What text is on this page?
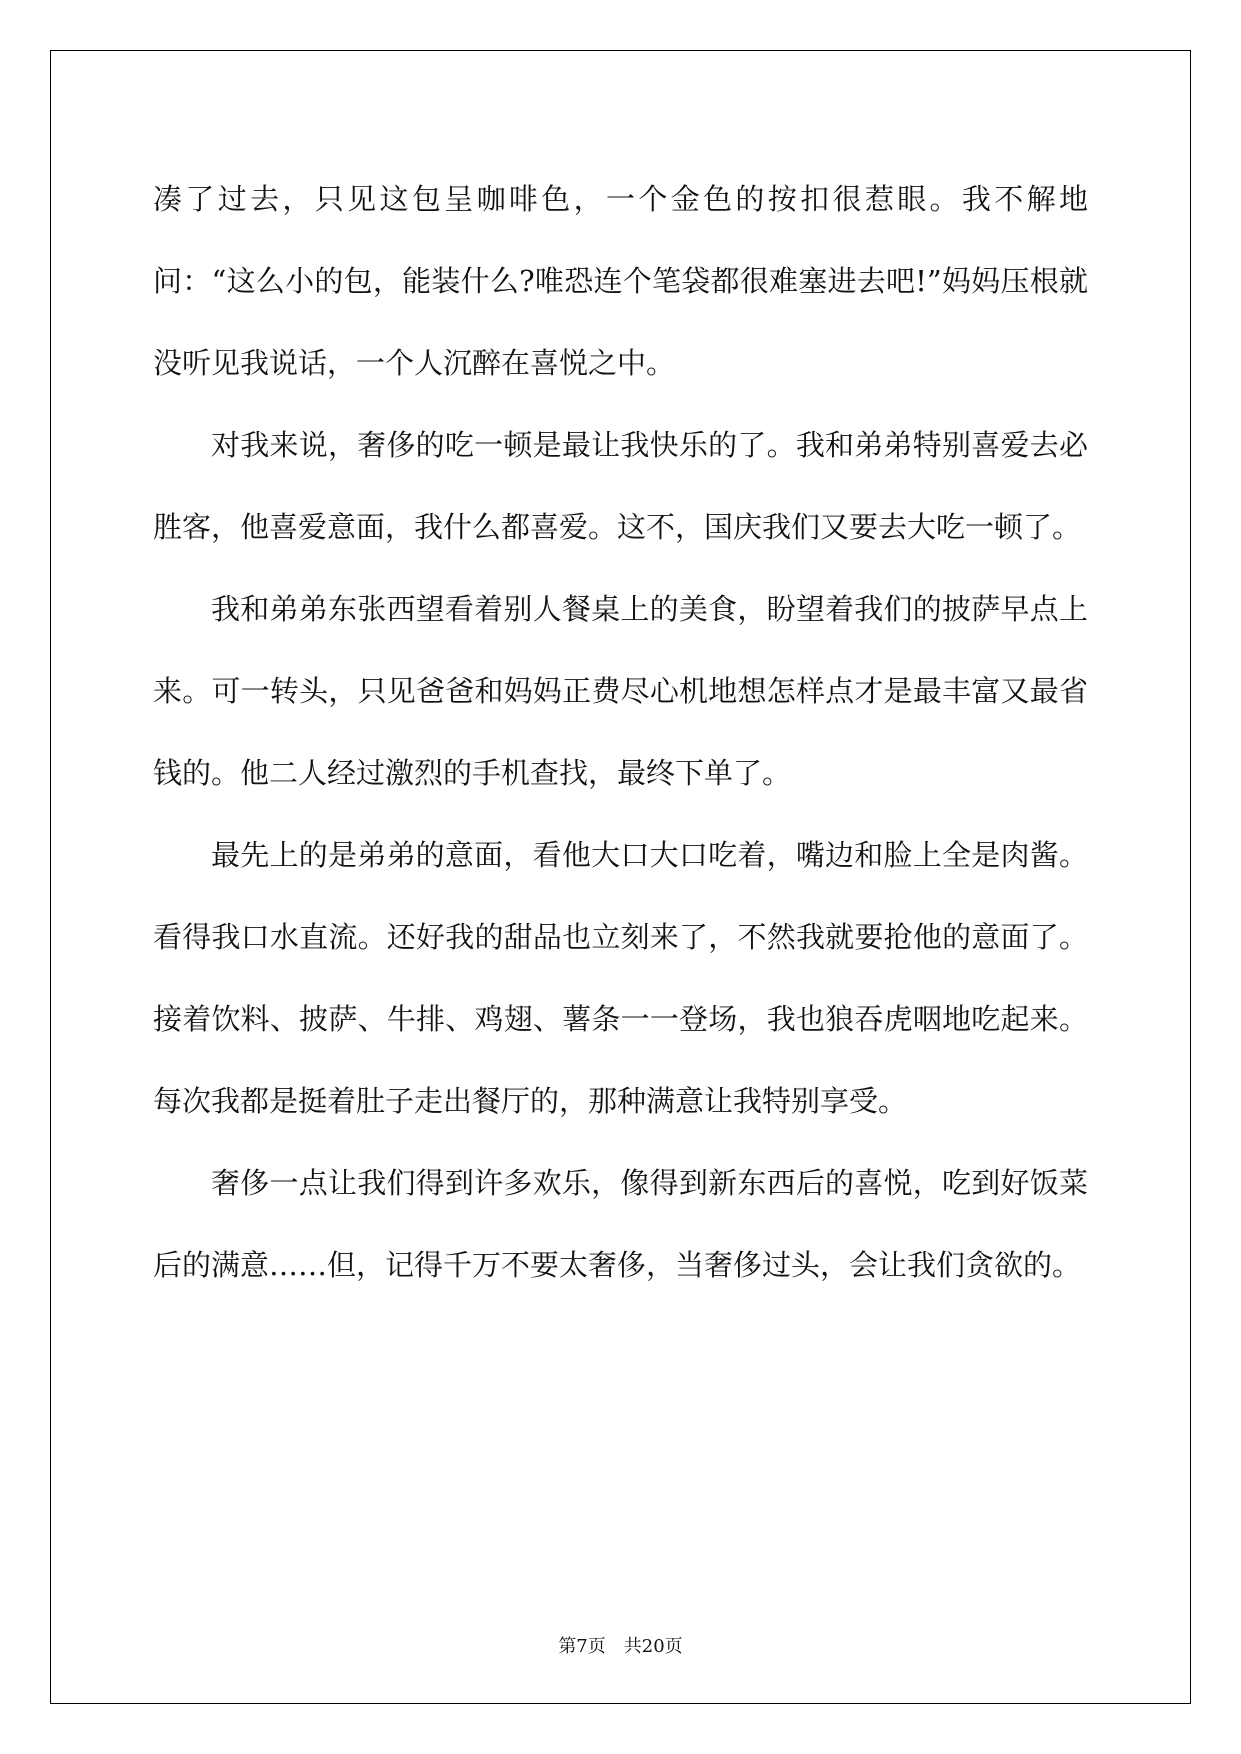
凑了过去，只见这包呈咖啡色，一个金色的按扣很惹眼。我不解地问：“这么小的包，能装什么?唯恐连个笔袋都很难塞进去吧!”妈妈压根就没听见我说话，一个人沉醉在喜悦之中。

对我来说，奢侈的吃一顿是最让我快乐的了。我和弟弟特别喜爱去必胜客，他喜爱意面，我什么都喜爱。这不，国庆我们又要去大吃一顿了。

我和弟弟东张西望看着别人餐桌上的美食，盼望着我们的披萨早点上来。可一转头，只见爸爸和妈妈正费尽心机地想怎样点才是最丰富又最省钱的。他二人经过激烈的手机查找，最终下单了。

最先上的是弟弟的意面，看他大口大口吃着，嘴边和脸上全是肉酱。看得我口水直流。还好我的甜品也立刻来了，不然我就要抢他的意面了。接着饮料、披萨、牛排、鸡翅、薯条一一登场，我也狼吞虎咽地吃起来。每次我都是挺着肚子走出餐厅的，那种满意让我特别享受。

奢侈一点让我们得到许多欢乐，像得到新东西后的喜悦，吃到好饭菜后的满意……但，记得千万不要太奢侈，当奢侈过头，会让我们贪欲的。

第7页　共20页
